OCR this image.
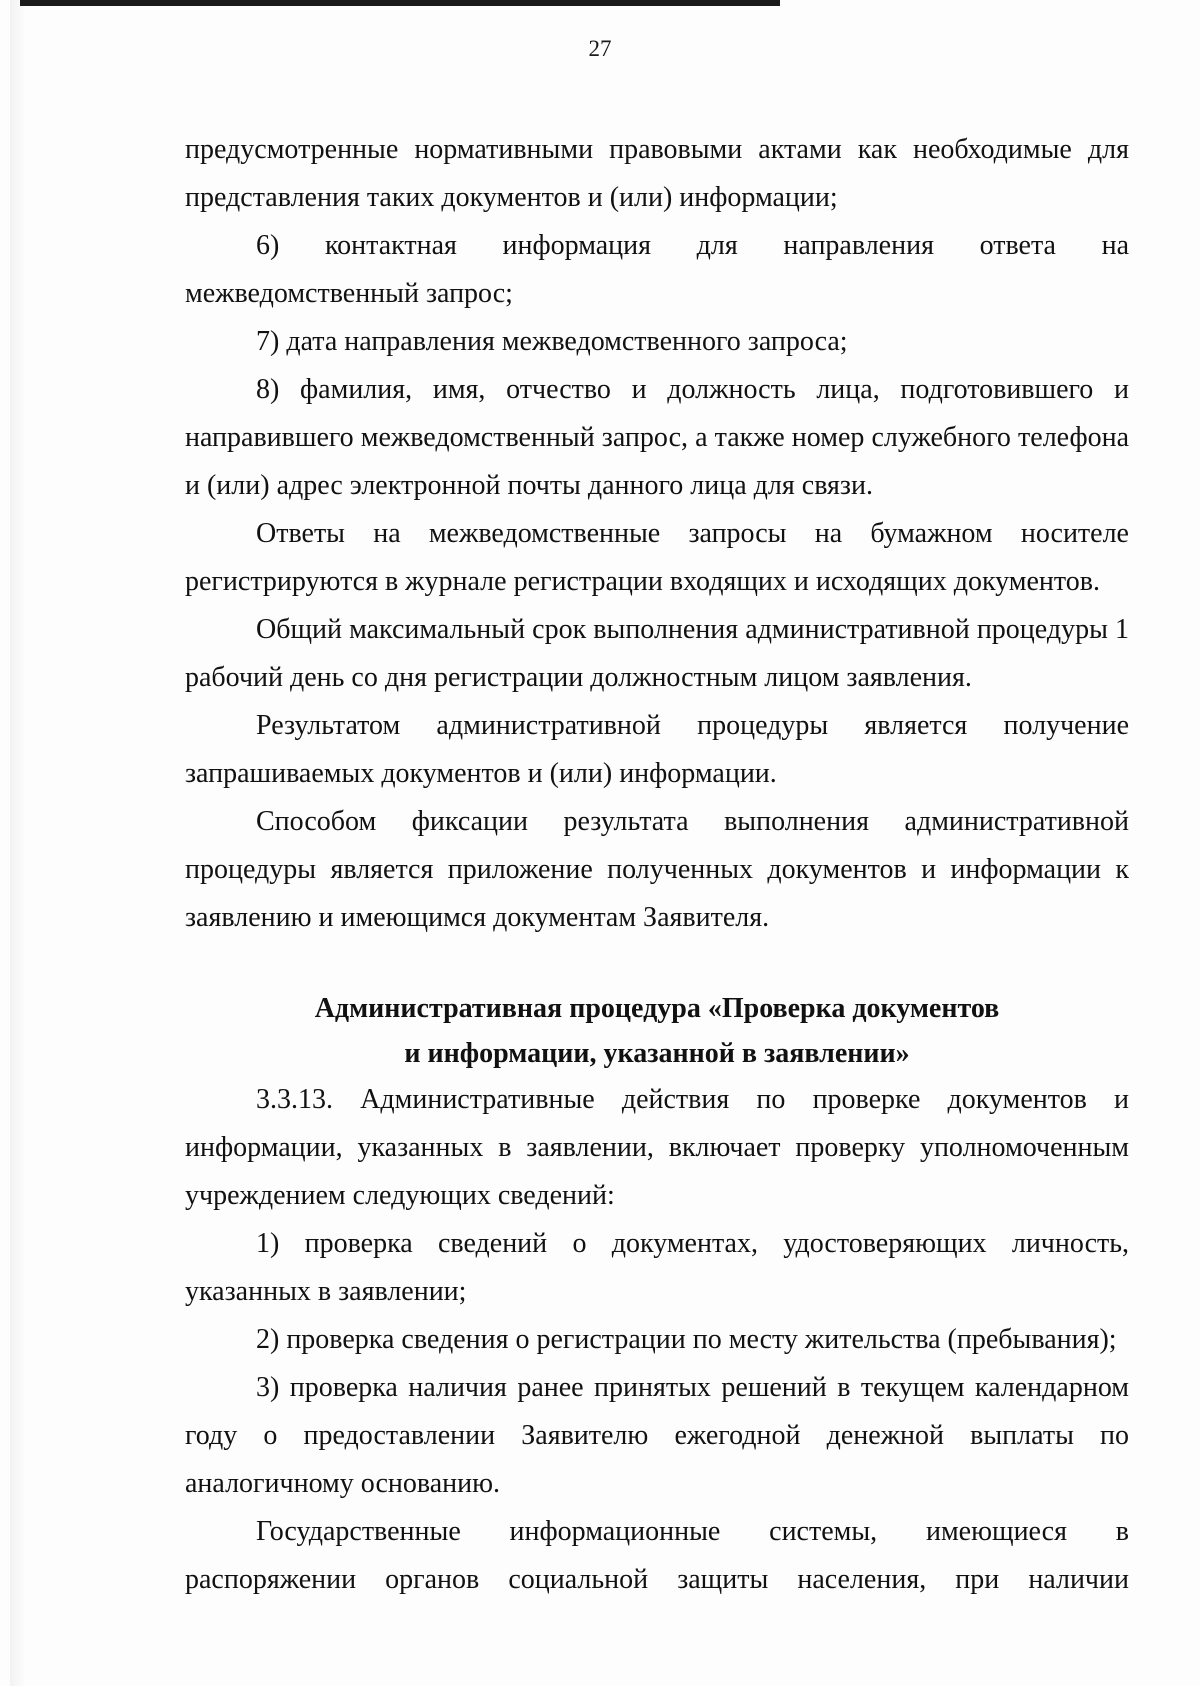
27

предусмотренные нормативными правовыми актами как необходимые для представления таких документов и (или) информации;

6) контактная информация для направления ответа на межведомственный запрос;

7) дата направления межведомственного запроса;

8) фамилия, имя, отчество и должность лица, подготовившего и направившего межведомственный запрос, а также номер служебного телефона и (или) адрес электронной почты данного лица для связи.

Ответы на межведомственные запросы на бумажном носителе регистрируются в журнале регистрации входящих и исходящих документов.

Общий максимальный срок выполнения административной процедуры 1 рабочий день со дня регистрации должностным лицом заявления.

Результатом административной процедуры является получение запрашиваемых документов и (или) информации.

Способом фиксации результата выполнения административной процедуры является приложение полученных документов и информации к заявлению и имеющимся документам Заявителя.

Административная процедура «Проверка документов
и информации, указанной в заявлении»

3.3.13. Административные действия по проверке документов и информации, указанных в заявлении, включает проверку уполномоченным учреждением следующих сведений:

1) проверка сведений о документах, удостоверяющих личность, указанных в заявлении;

2) проверка сведения о регистрации по месту жительства (пребывания);

3) проверка наличия ранее принятых решений в текущем календарном году о предоставлении Заявителю ежегодной денежной выплаты по аналогичному основанию.

Государственные информационные системы, имеющиеся в распоряжении органов социальной защиты населения, при наличии
